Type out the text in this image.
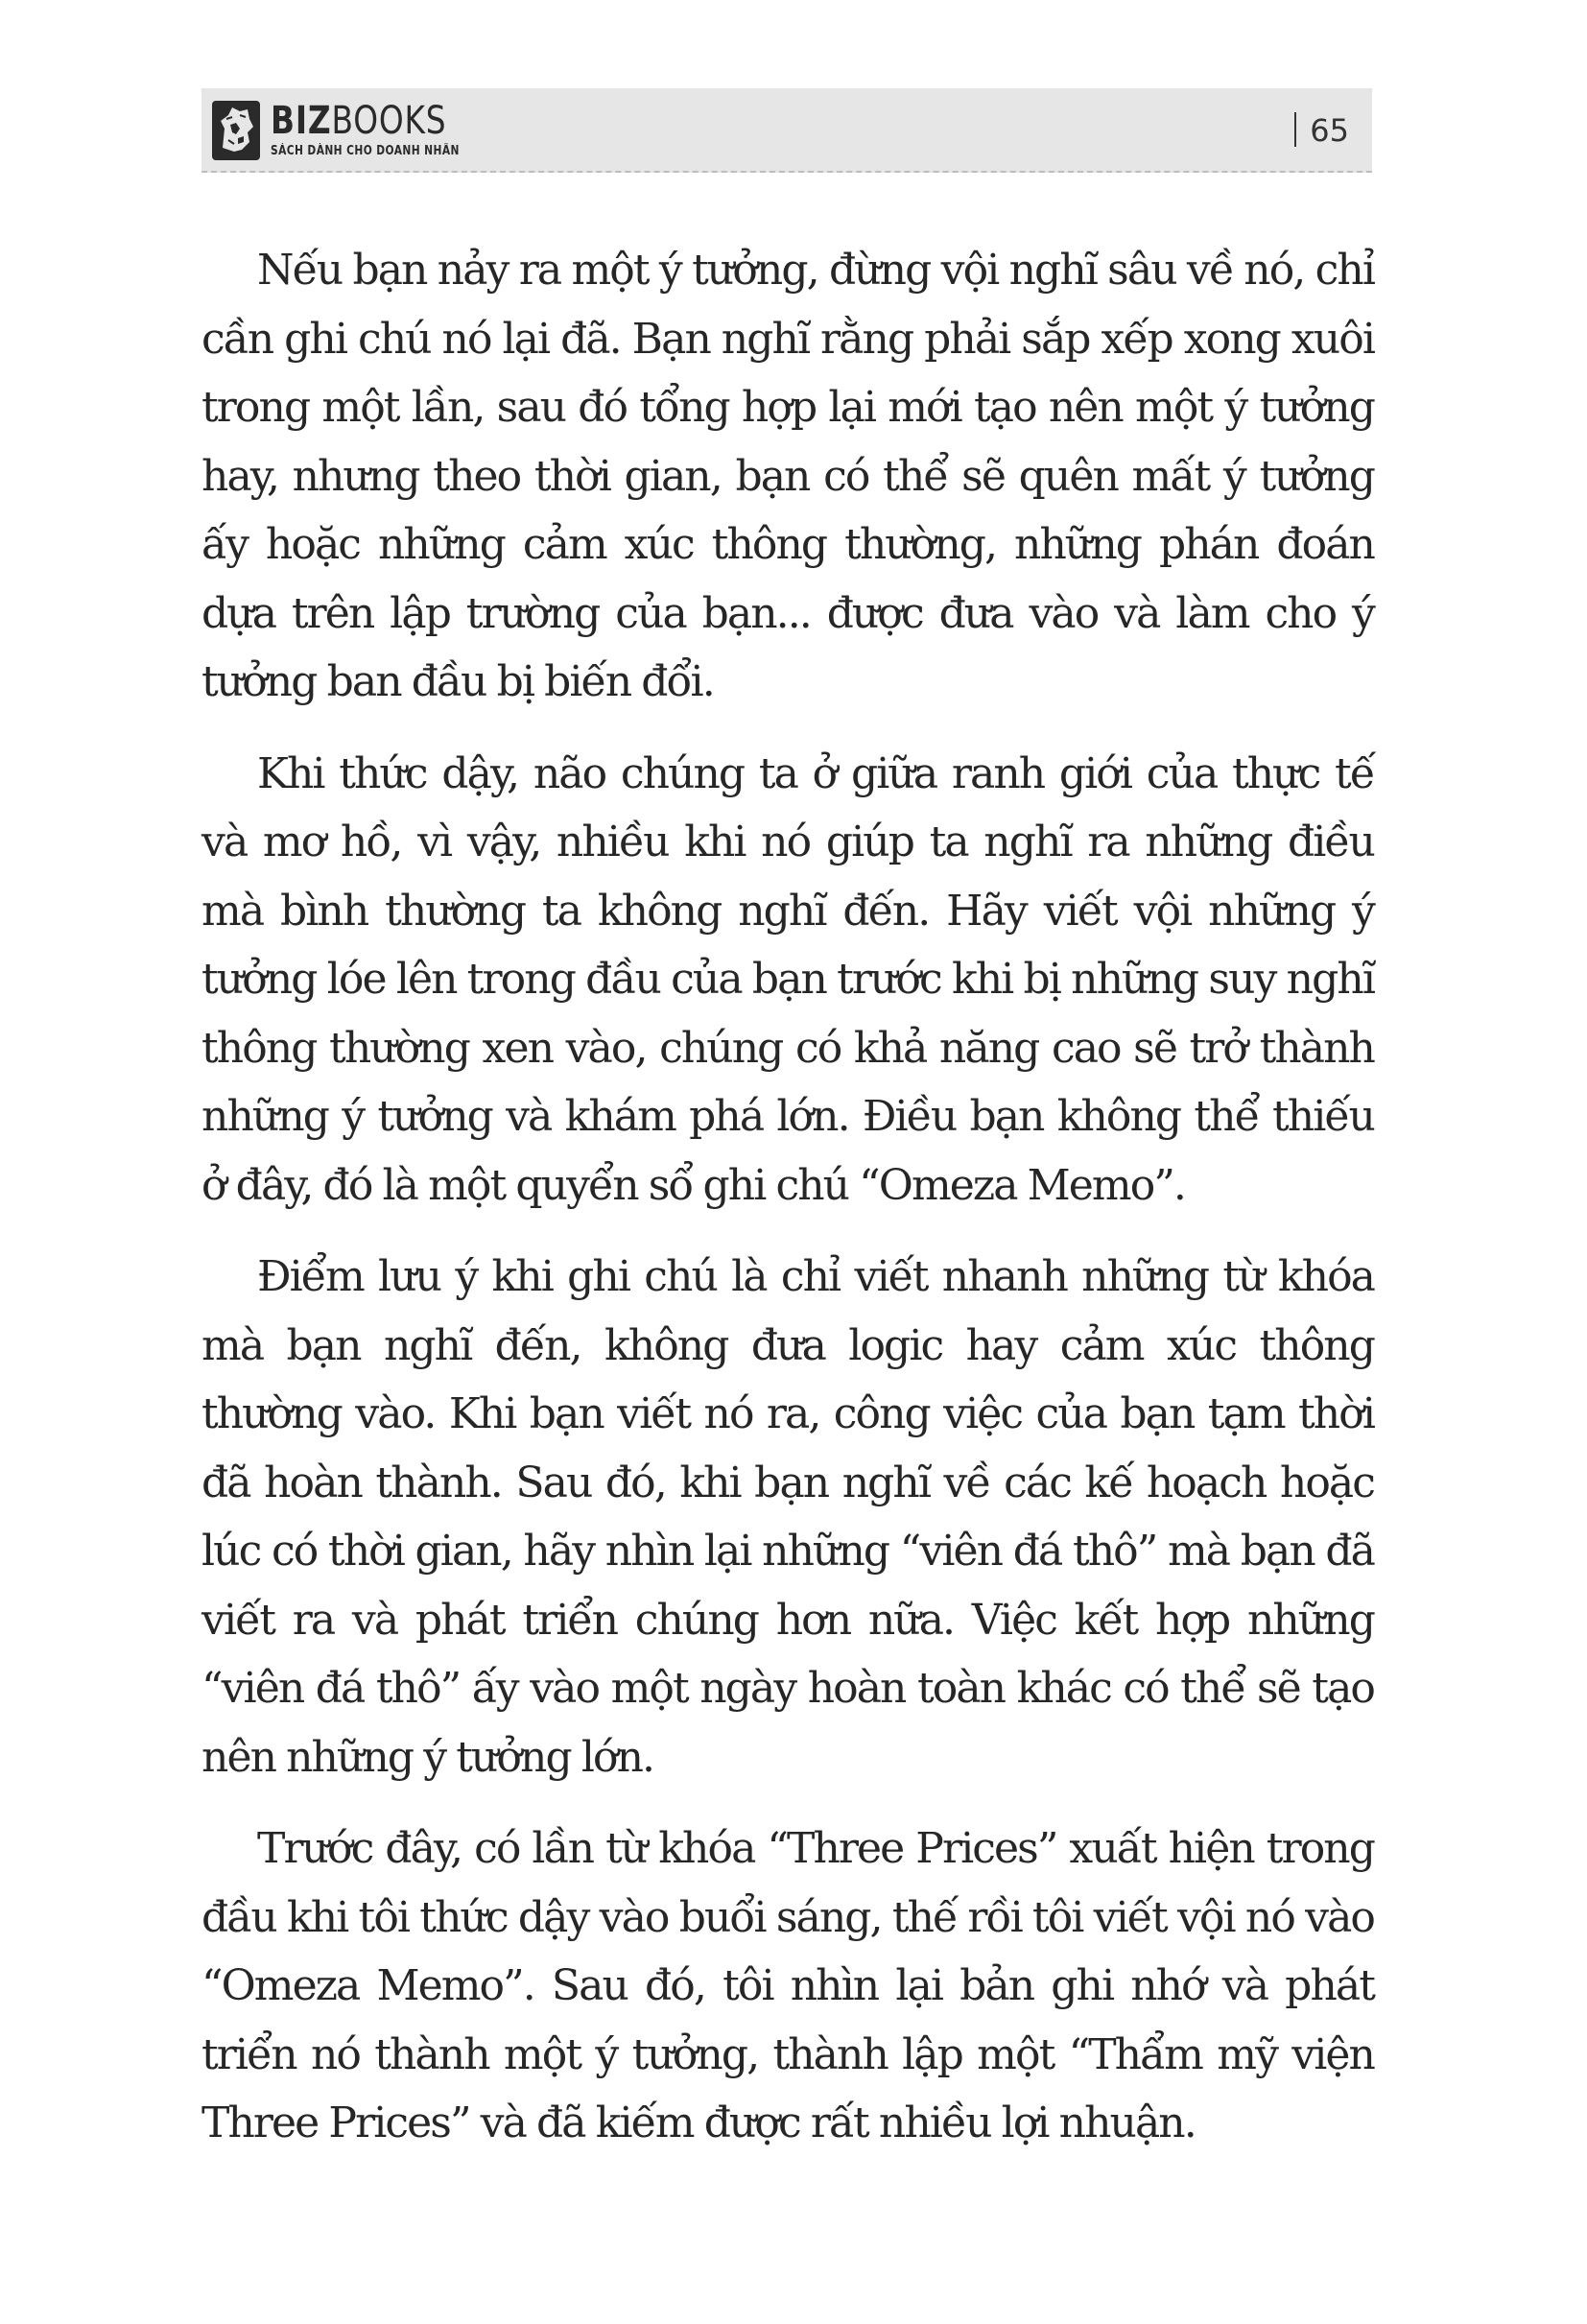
BIZBOOKS
SÁCH DÀNH CHO DOANH NHÂN
65

Nếu bạn nảy ra một ý tưởng, đừng vội nghĩ sâu về nó, chỉ cần ghi chú nó lại đã. Bạn nghĩ rằng phải sắp xếp xong xuôi trong một lần, sau đó tổng hợp lại mới tạo nên một ý tưởng hay, nhưng theo thời gian, bạn có thể sẽ quên mất ý tưởng ấy hoặc những cảm xúc thông thường, những phán đoán dựa trên lập trường của bạn... được đưa vào và làm cho ý tưởng ban đầu bị biến đổi.

Khi thức dậy, não chúng ta ở giữa ranh giới của thực tế và mơ hồ, vì vậy, nhiều khi nó giúp ta nghĩ ra những điều mà bình thường ta không nghĩ đến. Hãy viết vội những ý tưởng lóe lên trong đầu của bạn trước khi bị những suy nghĩ thông thường xen vào, chúng có khả năng cao sẽ trở thành những ý tưởng và khám phá lớn. Điều bạn không thể thiếu ở đây, đó là một quyển sổ ghi chú “Omeza Memo”.

Điểm lưu ý khi ghi chú là chỉ viết nhanh những từ khóa mà bạn nghĩ đến, không đưa logic hay cảm xúc thông thường vào. Khi bạn viết nó ra, công việc của bạn tạm thời đã hoàn thành. Sau đó, khi bạn nghĩ về các kế hoạch hoặc lúc có thời gian, hãy nhìn lại những “viên đá thô” mà bạn đã viết ra và phát triển chúng hơn nữa. Việc kết hợp những “viên đá thô” ấy vào một ngày hoàn toàn khác có thể sẽ tạo nên những ý tưởng lớn.

Trước đây, có lần từ khóa “Three Prices” xuất hiện trong đầu khi tôi thức dậy vào buổi sáng, thế rồi tôi viết vội nó vào “Omeza Memo”. Sau đó, tôi nhìn lại bản ghi nhớ và phát triển nó thành một ý tưởng, thành lập một “Thẩm mỹ viện Three Prices” và đã kiếm được rất nhiều lợi nhuận.
